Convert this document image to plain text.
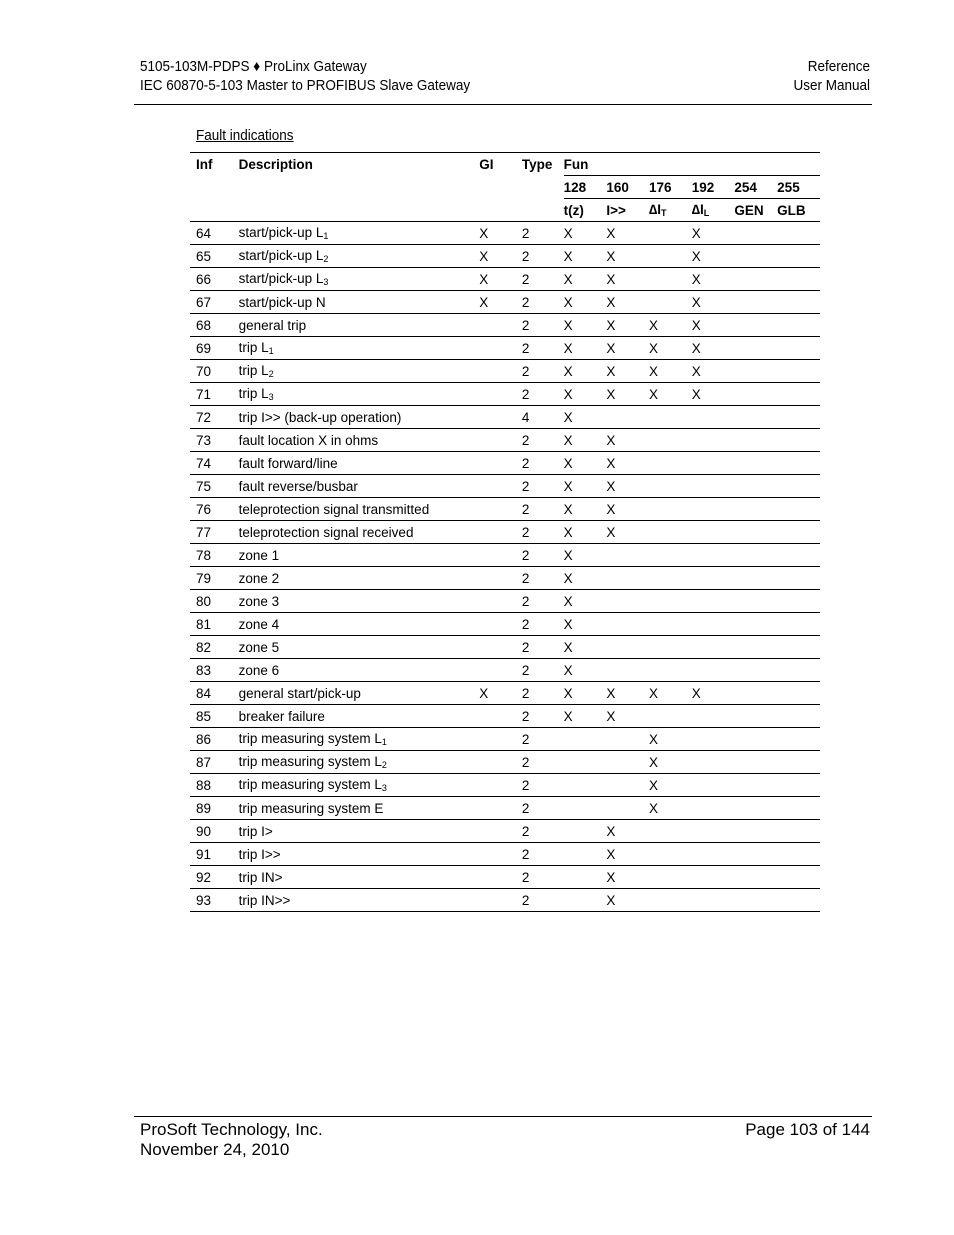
5105-103M-PDPS ♦ ProLinx Gateway
IEC 60870-5-103 Master to PROFIBUS Slave Gateway
Reference
User Manual
Fault indications
Inf	Description	GI	Type	Fun					
				128	160	176	192	254	255
				t(z)	I>>	$\Delta I_T$	$\Delta I_L$	GEN	GLB
64	start/pick-up $L_1$	X	2	X	X		X		
65	start/pick-up $L_2$	X	2	X	X		X		
66	start/pick-up $L_3$	X	2	X	X		X		
67	start/pick-up N	X	2	X	X		X		
68	general trip		2	X	X	X	X		
69	trip $L_1$		2	X	X	X	X		
70	trip $L_2$		2	X	X	X	X		
71	trip $L_3$		2	X	X	X	X		
72	trip I>> (back-up operation)		4	X					
73	fault location X in ohms		2	X	X				
74	fault forward/line		2	X	X				
75	fault reverse/busbar		2	X	X				
76	teleprotection signal transmitted		2	X	X				
77	teleprotection signal received		2	X	X				
78	zone 1		2	X					
79	zone 2		2	X					
80	zone 3		2	X					
81	zone 4		2	X					
82	zone 5		2	X					
83	zone 6		2	X					
84	general start/pick-up	X	2	X	X	X	X		
85	breaker failure		2	X	X				
86	trip measuring system $L_1$		2			X			
87	trip measuring system $L_2$		2			X			
88	trip measuring system $L_3$		2			X			
89	trip measuring system E		2			X			
90	trip I>		2		X				
91	trip I>>		2		X				
92	trip IN>		2		X				
93	trip IN>>		2		X				
ProSoft Technology, Inc.
November 24, 2010
Page 103 of 144
